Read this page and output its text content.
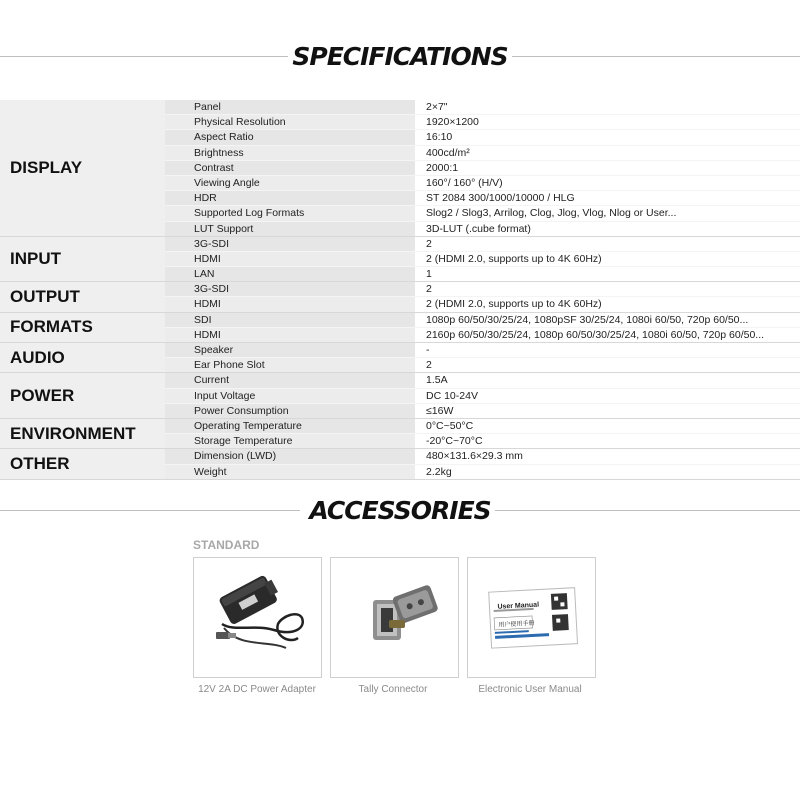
SPECIFICATIONS
DISPLAY
Panel	2×7"
Physical Resolution	1920×1200
Aspect Ratio	16:10
Brightness	400cd/m²
Contrast	2000:1
Viewing Angle	160°/ 160° (H/V)
HDR	ST 2084 300/1000/10000 / HLG
Supported Log Formats	Slog2 / Slog3, Arrilog, Clog, Jlog, Vlog, Nlog or User...
LUT Support	3D-LUT (.cube format)
INPUT
3G-SDI	2
HDMI	2 (HDMI 2.0, supports up to 4K 60Hz)
LAN	1
OUTPUT	3G-SDI	2
HDMI	2 (HDMI 2.0, supports up to 4K 60Hz)
FORMATS	SDI	1080p 60/50/30/25/24, 1080pSF 30/25/24, 1080i 60/50, 720p 60/50...
HDMI	2160p 60/50/30/25/24, 1080p 60/50/30/25/24, 1080i 60/50, 720p 60/50...
AUDIO	Speaker	-
Ear Phone Slot	2
POWER
Current	1.5A
Input Voltage	DC 10-24V
Power Consumption	≤16W
ENVIRONMENT	Operating Temperature	0°C~50°C
Storage Temperature	-20°C~70°C
OTHER	Dimension (LWD)	480×131.6×29.3 mm
Weight	2.2kg
ACCESSORIES
STANDARD
12V 2A DC Power Adapter	Tally Connector
User Manual
用户使用手册
Electronic User Manual
